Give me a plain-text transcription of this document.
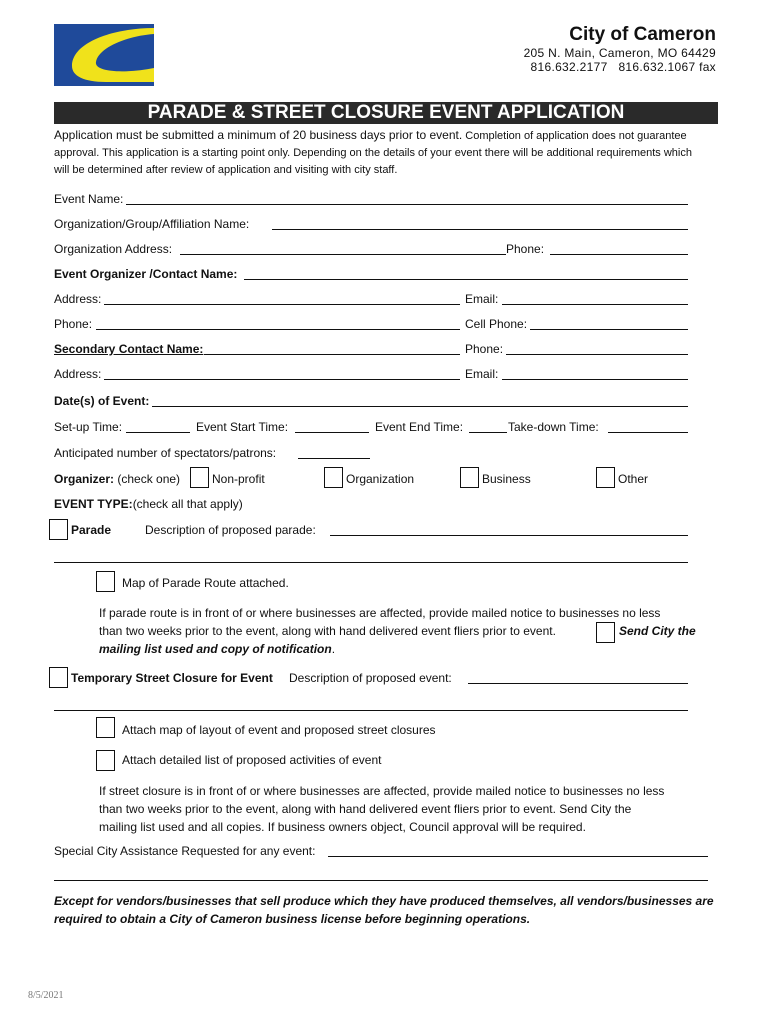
City of Cameron
205 N. Main, Cameron, MO 64429
816.632.2177   816.632.1067 fax
PARADE & STREET CLOSURE EVENT APPLICATION
Application must be submitted a minimum of 20 business days prior to event. Completion of application does not guarantee approval. This application is a starting point only. Depending on the details of your event there will be additional requirements which will be determined after review of application and visiting with city staff.
Event Name:
Organization/Group/Affiliation Name:
Organization Address:	Phone:
Event Organizer /Contact Name:
Address:	Email:
Phone:	Cell Phone:
Secondary Contact Name:	Phone:
Address:	Email:
Date(s) of Event:
Set-up Time:	Event Start Time:	Event End Time:	Take-down Time:
Anticipated number of spectators/patrons:
Organizer: (check one)	Non-profit	Organization	Business	Other
EVENT TYPE:(check all that apply)
Parade	Description of proposed parade:
Map of Parade Route attached.
If parade route is in front of or where businesses are affected, provide mailed notice to businesses no less
than two weeks prior to the event, along with hand delivered event fliers prior to event.	Send City the
mailing list used and copy of notification.
Temporary Street Closure for Event Description of proposed event:
Attach map of layout of event and proposed street closures
Attach detailed list of proposed activities of event
If street closure is in front of or where businesses are affected, provide mailed notice to businesses no less
than two weeks prior to the event, along with hand delivered event fliers prior to event. Send City the
mailing list used and all copies. If business owners object, Council approval will be required.
Special City Assistance Requested for any event:
Except for vendors/businesses that sell produce which they have produced themselves, all vendors/businesses are
required to obtain a City of Cameron business license before beginning operations.
8/5/2021
